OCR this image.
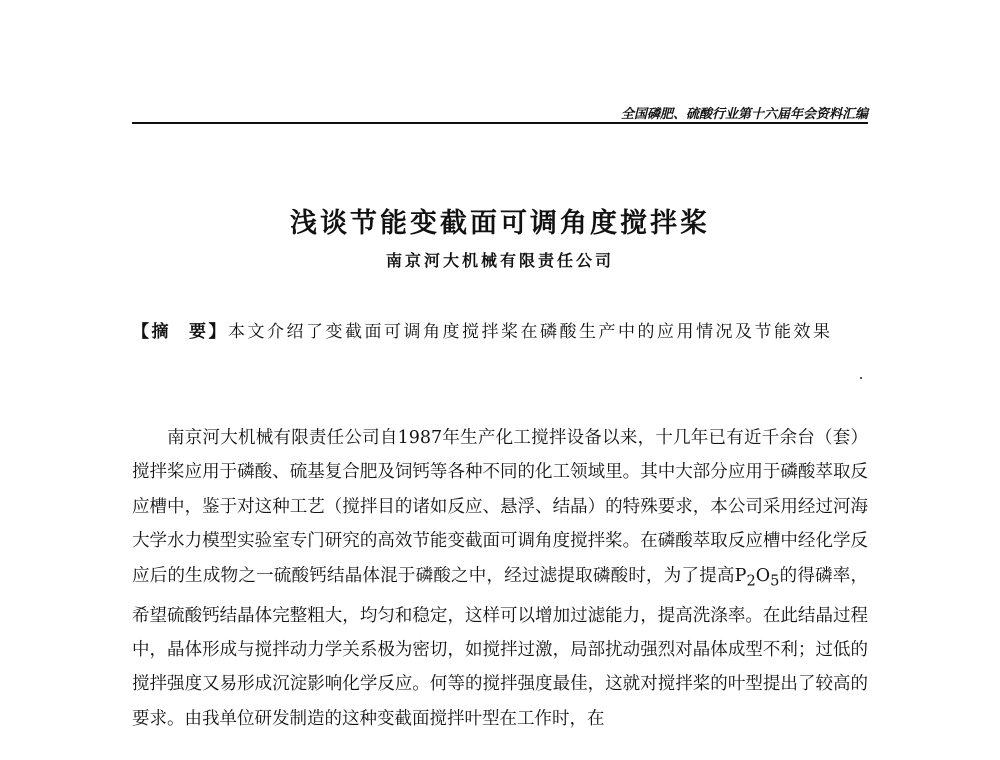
全国磷肥、硫酸行业第十六届年会资料汇编
浅谈节能变截面可调角度搅拌桨
南京河大机械有限责任公司
【摘 要】本文介绍了变截面可调角度搅拌桨在磷酸生产中的应用情况及节能效果

南京河大机械有限责任公司自1987年生产化工搅拌设备以来，十几年已有近千余台（套）搅拌桨应用于磷酸、硫基复合肥及饲钙等各种不同的化工领域里。其中大部分应用于磷酸萃取反应槽中，鉴于对这种工艺（搅拌目的诸如反应、悬浮、结晶）的特殊要求，本公司采用经过河海大学水力模型实验室专门研究的高效节能变截面可调角度搅拌桨。在磷酸萃取反应槽中经化学反应后的生成物之一硫酸钙结晶体混于磷酸之中，经过滤提取磷酸时，为了提高$P_2O_5$的得磷率，希望硫酸钙结晶体完整粗大，均匀和稳定，这样可以增加过滤能力，提高洗涤率。在此结晶过程中，晶体形成与搅拌动力学关系极为密切，如搅拌过激，局部扰动强烈对晶体成型不利；过低的搅拌强度又易形成沉淀影响化学反应。何等的搅拌强度最佳，这就对搅拌桨的叶型提出了较高的要求。由我单位研发制造的这种变截面搅拌叶型在工作时，在
